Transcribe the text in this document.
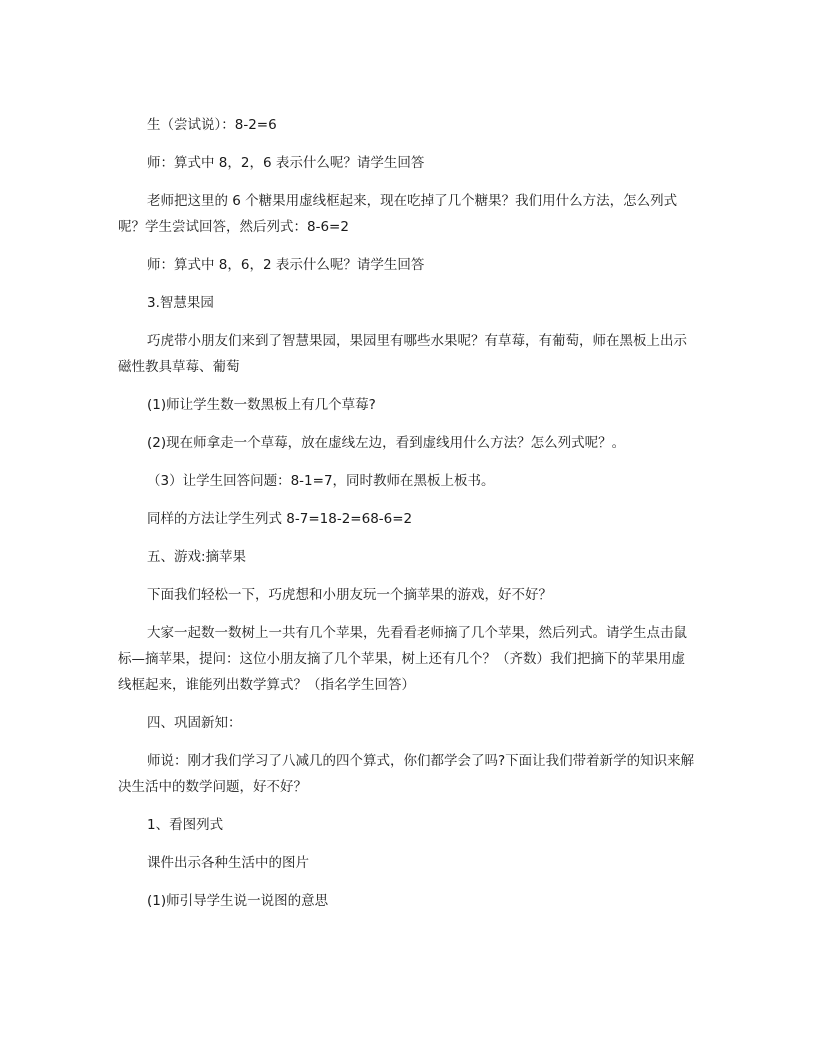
生（尝试说）：8-2=6

师：算式中 8，2，6 表示什么呢？请学生回答

老师把这里的 6 个糖果用虚线框起来，现在吃掉了几个糖果？我们用什么方法，怎么列式呢？学生尝试回答，然后列式：8-6=2

师：算式中 8，6，2 表示什么呢？请学生回答

3.智慧果园

巧虎带小朋友们来到了智慧果园，果园里有哪些水果呢？有草莓，有葡萄，师在黑板上出示磁性教具草莓、葡萄

(1)师让学生数一数黑板上有几个草莓?

(2)现在师拿走一个草莓，放在虚线左边，看到虚线用什么方法？怎么列式呢？。

（3）让学生回答问题：8-1=7，同时教师在黑板上板书。

同样的方法让学生列式 8-7=18-2=68-6=2

五、游戏:摘苹果

下面我们轻松一下，巧虎想和小朋友玩一个摘苹果的游戏，好不好？

大家一起数一数树上一共有几个苹果，先看看老师摘了几个苹果，然后列式。请学生点击鼠标—摘苹果，提问：这位小朋友摘了几个苹果，树上还有几个？（齐数）我们把摘下的苹果用虚线框起来，谁能列出数学算式？（指名学生回答）

四、巩固新知：

师说：刚才我们学习了八减几的四个算式，你们都学会了吗?下面让我们带着新学的知识来解决生活中的数学问题，好不好？

1、看图列式

课件出示各种生活中的图片

(1)师引导学生说一说图的意思
